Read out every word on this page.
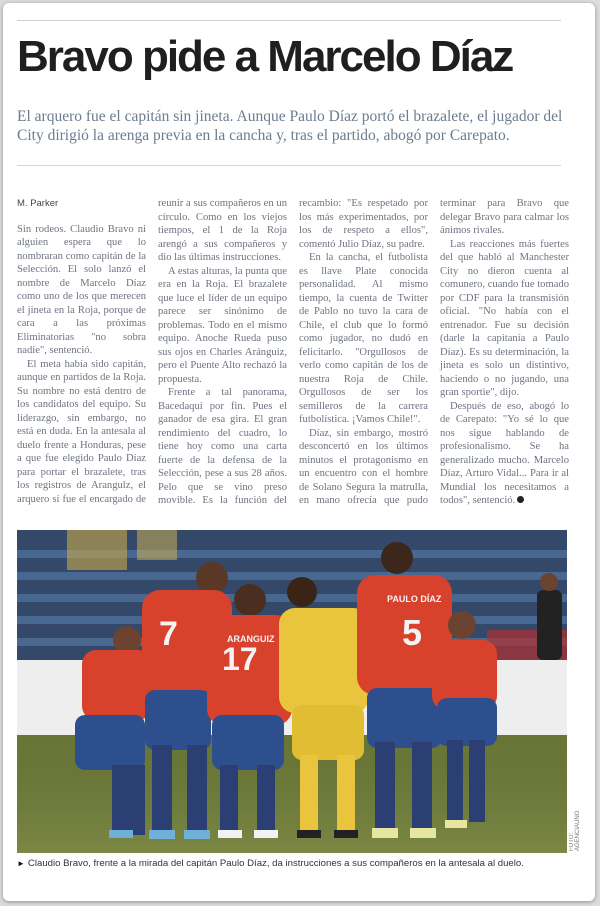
Bravo pide a Marcelo Díaz

El arquero fue el capitán sin jineta. Aunque Paulo Díaz portó el brazalete, el jugador del City dirigió la arenga previa en la cancha y, tras el partido, abogó por Carepato.

M. Parker

Sin rodeos. Claudio Bravo ni alguien espera que lo nombraran como capitán de la Selección. El solo lanzó el nombre de Marcelo Díaz como uno de los que merecen el jineta en la Roja, porque de cara a las próximas Eliminatorias "no sobra nadie", sentenció.

El meta había sido capitán, aunque en partidos de la Roja. Su nombre no está dentro de los candidatos del equipo. Su liderazgo, sin embargo, no está en duda. En la antesala al duelo frente a Honduras, pese a que fue elegido Paulo Díaz para portar el brazalete, tras los registros de Arangulz, el arquero sí fue el encargado de reunir a sus compañeros en un círculo. Como en los viejos tiempos, el 1 de la Roja arengó a sus compañeros y dio las últimas instrucciones.

A estas alturas, la punta que era en la Roja. El brazalete que luce el líder de un equipo parece ser sinónimo de problemas. Todo en el mismo equipo. Anoche Rueda puso sus ojos en Charles Aránguiz, pero el Puente Alto rechazó la propuesta.

Frente a tal panorama, Bacedaquí por fin. Pues el ganador de esa gira. El gran rendimiento del cuadro, lo tiene hoy como una carta fuerte de la defensa de la Selección, pese a sus 28 años. Pelo que se vino preso movible. Es la función del recambio: "Es respetado por los más experimentados, por los de respeto a ellos", comentó Julio Díaz, su padre.

En la cancha, el futbolista es llave Plate conocida personalidad. Al mismo tiempo, la cuenta de Twitter de Pablo no tuvo la cara de Chile, el club que lo formó como jugador, no dudó en felicitarlo. "Orgullosos de verlo como capitán de los de nuestra Roja de Chile. Orgullosos de ser los semilleros de la carrera futbolística. ¡Vamos Chile!".

Díaz, sin embargo, mostró desconcertó en los últimos minutos el protagonismo en un encuentro con el hombre de Solano Segura la matrulla, en mano ofrecía que pudo terminar para Bravo que delegar Bravo para calmar los ánimos rivales.

Las reacciones más fuertes del que habló al Manchester City no dieron cuenta al comunero, cuando fue tomado por CDF para la transmisión oficial. "No había con el entrenador. Fue su decisión (darle la capitanía a Paulo Díaz). Es su determinación, la jineta es solo un distintivo, haciendo o no jugando, una gran sportie", dijo.

Después de eso, abogó lo de Carepato: "Yo sé lo que nos sigue hablando de profesionalismo. Se ha generalizado mucho. Marcelo Díaz, Arturo Vidal... Para ir al Mundial los necesitamos a todos", sentenció.

7
17
ARANGUIZ	5
PAULO DÍAZ
FOTO: AGENCIAUNO
► Claudio Bravo, frente a la mirada del capitán Paulo Díaz, da instrucciones a sus compañeros en la antesala al duelo.
